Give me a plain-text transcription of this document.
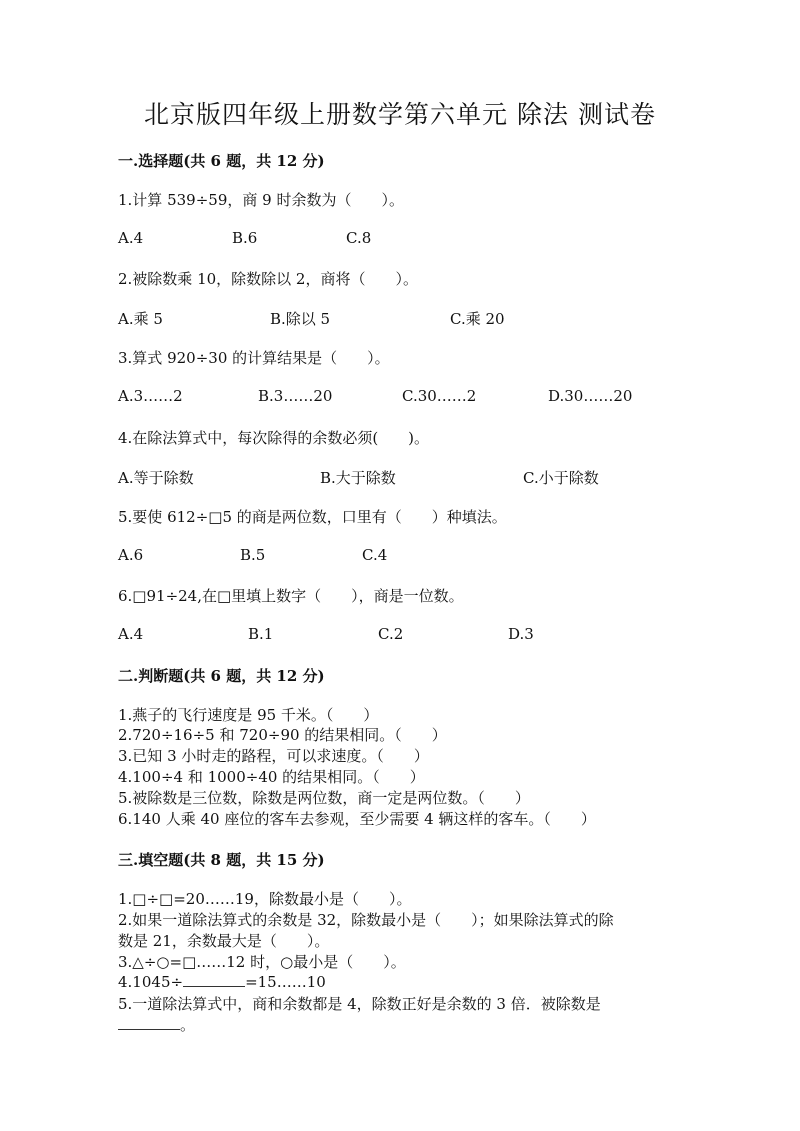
北京版四年级上册数学第六单元 除法 测试卷
一.选择题(共 6 题，共 12 分)
1.计算 539÷59，商 9 时余数为（　　）。
A.4	B.6	C.8
2.被除数乘 10，除数除以 2，商将（　　）。
A.乘 5	B.除以 5	C.乘 20
3.算式 920÷30 的计算结果是（　　）。
A.3……2	B.3……20	C.30……2	D.30……20
4.在除法算式中，每次除得的余数必须(　　)。
A.等于除数	B.大于除数	C.小于除数
5.要使 612÷□5 的商是两位数，口里有（　　）种填法。
A.6	B.5	C.4
6.□91÷24,在□里填上数字（　　），商是一位数。
A.4	B.1	C.2	D.3
二.判断题(共 6 题，共 12 分)
1.燕子的飞行速度是 95 千米。（　　）
2.720÷16÷5 和 720÷90 的结果相同。（　　）
3.已知 3 小时走的路程，可以求速度。（　　）
4.100÷4 和 1000÷40 的结果相同。（　　）
5.被除数是三位数，除数是两位数，商一定是两位数。（　　）
6.140 人乘 40 座位的客车去参观，至少需要 4 辆这样的客车。（　　）
三.填空题(共 8 题，共 15 分)
1.□÷□=20……19，除数最小是（　　）。
2.如果一道除法算式的余数是 32，除数最小是（　　）；如果除法算式的除
数是 21，余数最大是（　　）。
3.△÷○=□……12 时，○最小是（　　）。
4.1045÷	=15……10
5.一道除法算式中，商和余数都是 4，除数正好是余数的 3 倍．被除数是
。
